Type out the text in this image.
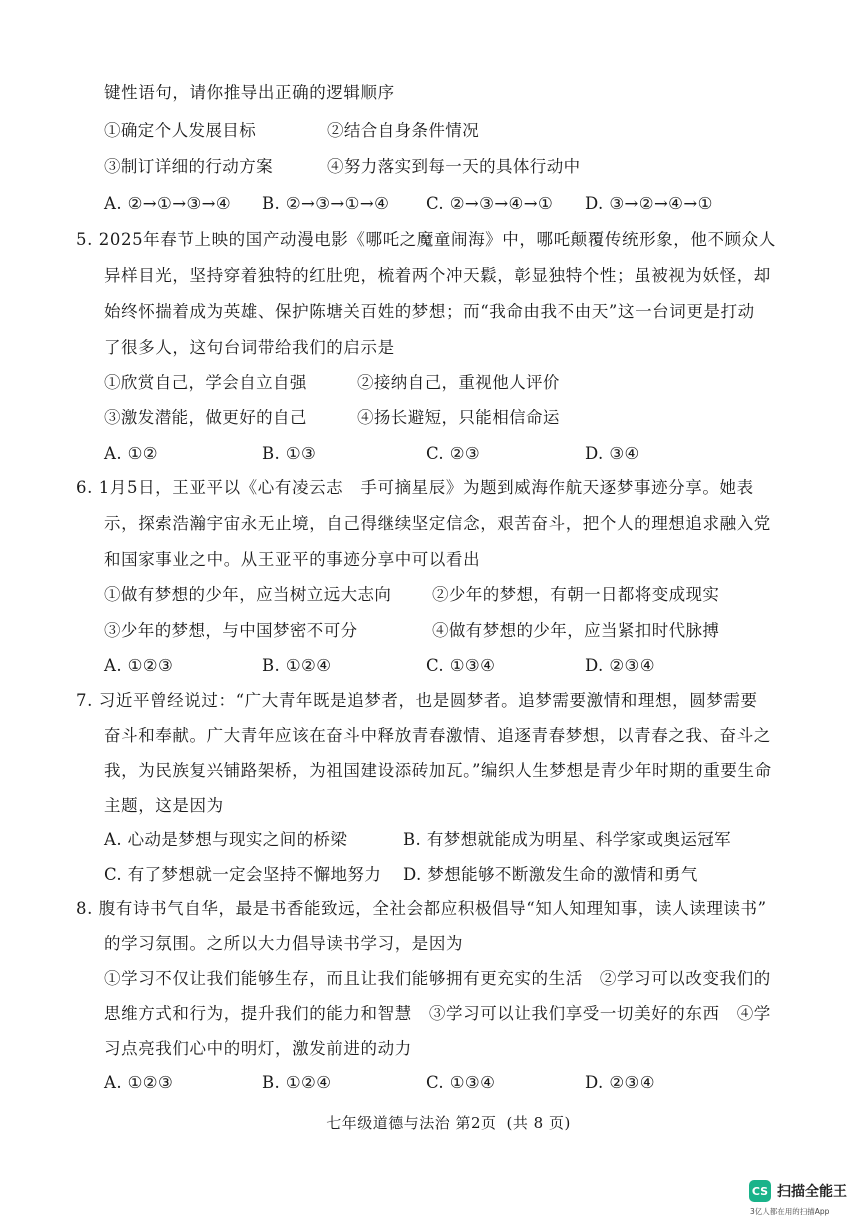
键性语句，请你推导出正确的逻辑顺序
①确定个人发展目标	②结合自身条件情况
③制订详细的行动方案	④努力落实到每一天的具体行动中
A. ②→①→③→④ B. ②→③→①→④ C. ②→③→④→① D. ③→②→④→①
5. 2025年春节上映的国产动漫电影《哪吒之魔童闹海》中，哪吒颠覆传统形象，他不顾众人
异样目光，坚持穿着独特的红肚兜，梳着两个冲天鬏，彰显独特个性；虽被视为妖怪，却
始终怀揣着成为英雄、保护陈塘关百姓的梦想；而“我命由我不由天”这一台词更是打动
了很多人，这句台词带给我们的启示是
①欣赏自己，学会自立自强	②接纳自己，重视他人评价
③激发潜能，做更好的自己	④扬长避短，只能相信命运
A. ①②	B. ①③	C. ②③	D. ③④
6. 1月5日，王亚平以《心有凌云志　手可摘星辰》为题到威海作航天逐梦事迹分享。她表
示，探索浩瀚宇宙永无止境，自己得继续坚定信念，艰苦奋斗，把个人的理想追求融入党
和国家事业之中。从王亚平的事迹分享中可以看出
①做有梦想的少年，应当树立远大志向 ②少年的梦想，有朝一日都将变成现实
③少年的梦想，与中国梦密不可分	④做有梦想的少年，应当紧扣时代脉搏
A. ①②③	B. ①②④	C. ①③④	D. ②③④
7. 习近平曾经说过：“广大青年既是追梦者，也是圆梦者。追梦需要激情和理想，圆梦需要
奋斗和奉献。广大青年应该在奋斗中释放青春激情、追逐青春梦想，以青春之我、奋斗之
我，为民族复兴铺路架桥，为祖国建设添砖加瓦。”编织人生梦想是青少年时期的重要生命
主题，这是因为
A. 心动是梦想与现实之间的桥梁	B. 有梦想就能成为明星、科学家或奥运冠军
C. 有了梦想就一定会坚持不懈地努力 D. 梦想能够不断激发生命的激情和勇气
8. 腹有诗书气自华，最是书香能致远，全社会都应积极倡导“知人知理知事，读人读理读书”
的学习氛围。之所以大力倡导读书学习，是因为
①学习不仅让我们能够生存，而且让我们能够拥有更充实的生活　②学习可以改变我们的
思维方式和行为，提升我们的能力和智慧　③学习可以让我们享受一切美好的东西　④学
习点亮我们心中的明灯，激发前进的动力
A. ①②③	B. ①②④	C. ①③④	D. ②③④
七年级道德与法治 第2页 (共 8 页)
CS 扫描全能王
3亿人都在用的扫描App
